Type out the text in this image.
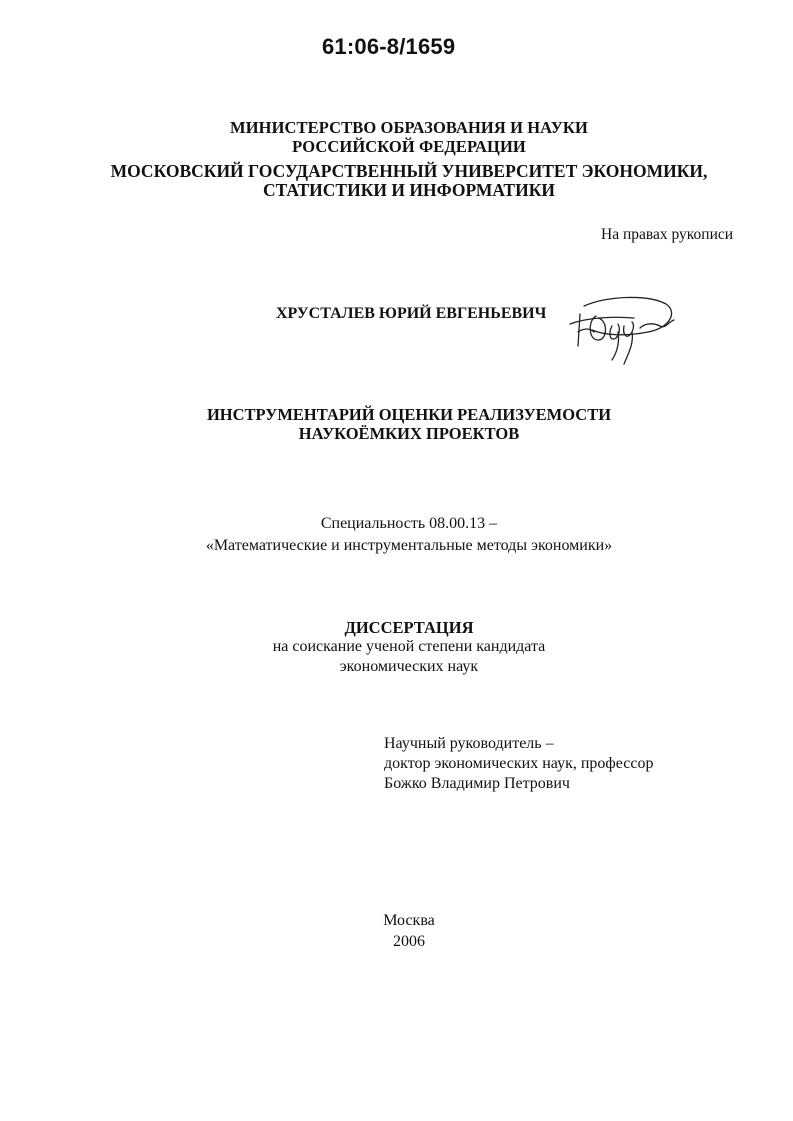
61:06-8/1659
МИНИСТЕРСТВО ОБРАЗОВАНИЯ И НАУКИ
РОССИЙСКОЙ ФЕДЕРАЦИИ
МОСКОВСКИЙ ГОСУДАРСТВЕННЫЙ УНИВЕРСИТЕТ ЭКОНОМИКИ,
СТАТИСТИКИ И ИНФОРМАТИКИ
На правах рукописи
ХРУСТАЛЕВ ЮРИЙ ЕВГЕНЬЕВИЧ
ИНСТРУМЕНТАРИЙ ОЦЕНКИ РЕАЛИЗУЕМОСТИ
НАУКОЁМКИХ ПРОЕКТОВ
Специальность 08.00.13 –
«Математические и инструментальные методы экономики»
ДИССЕРТАЦИЯ
на соискание ученой степени кандидата
экономических наук
Научный руководитель –
доктор экономических наук, профессор
Божко Владимир Петрович
Москва
2006
